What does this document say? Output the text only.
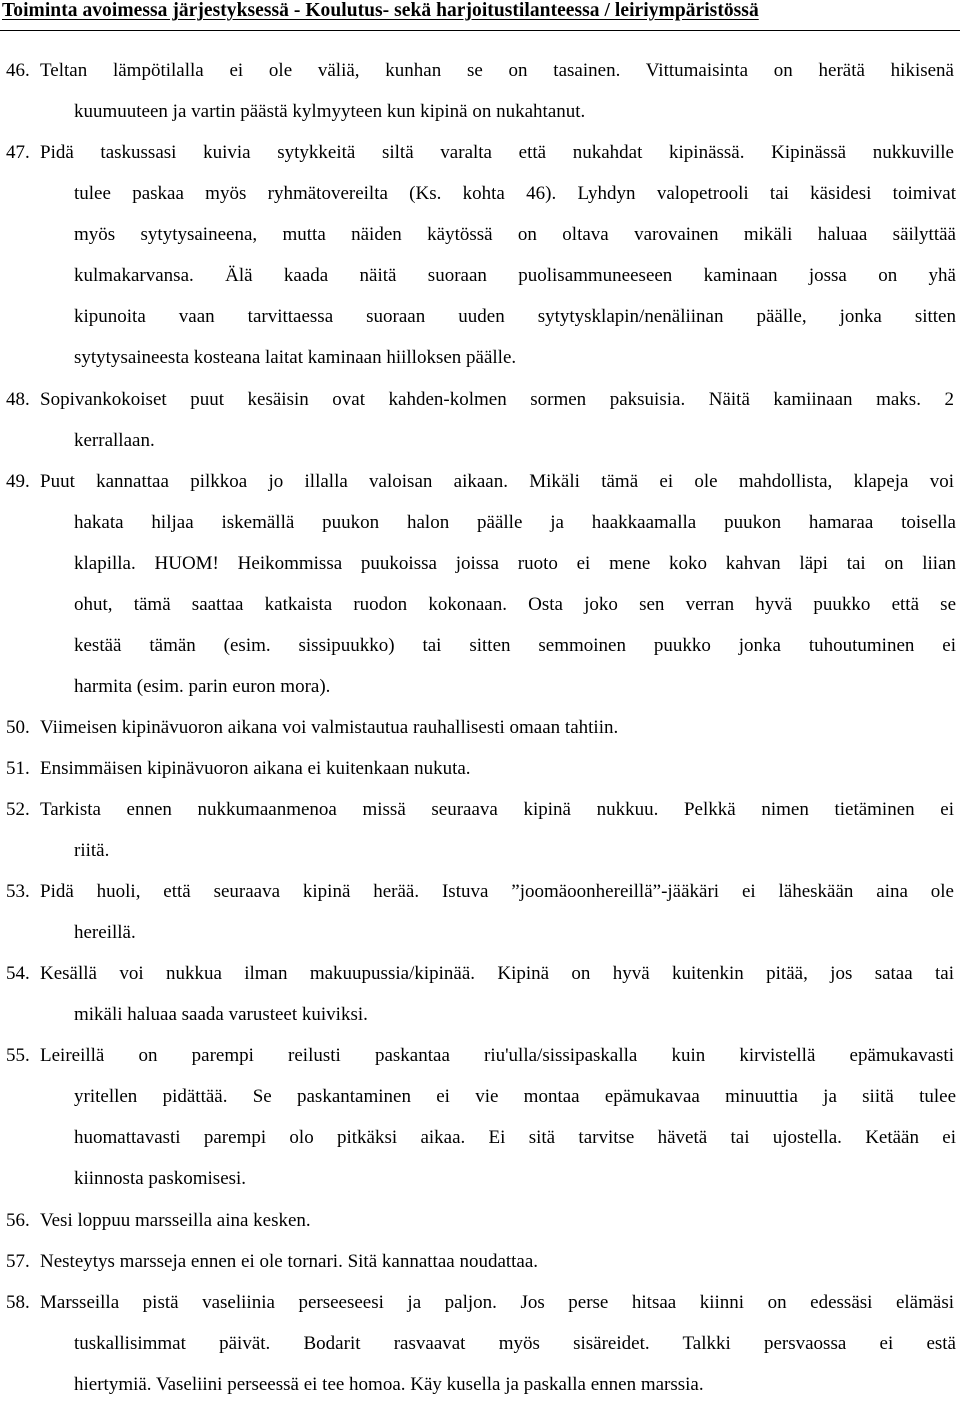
Toiminta avoimessa järjestyksessä - Koulutus- sekä harjoitustilanteessa / leiriympäristössä
46. Teltan lämpötilalla ei ole väliä, kunhan se on tasainen. Vittumaisinta on herätä hikisenä
kuumuuteen ja vartin päästä kylmyyteen kun kipinä on nukahtanut.
47. Pidä taskussasi kuivia sytykkeitä siltä varalta että nukahdat kipinässä. Kipinässä nukkuville
tulee paskaa myös ryhmätovereilta (Ks. kohta 46). Lyhdyn valopetrooli tai käsidesi toimivat
myös sytytysaineena, mutta näiden käytössä on oltava varovainen mikäli haluaa säilyttää
kulmakarvansa. Älä kaada näitä suoraan puolisammuneeseen kaminaan jossa on yhä
kipunoita vaan tarvittaessa suoraan uuden sytytysklapin/nenäliinan päälle, jonka sitten
sytytysaineesta kosteana laitat kaminaan hiilloksen päälle.
48. Sopivankokoiset puut kesäisin ovat kahden-kolmen sormen paksuisia. Näitä kamiinaan maks. 2
kerrallaan.
49. Puut kannattaa pilkkoa jo illalla valoisan aikaan. Mikäli tämä ei ole mahdollista, klapeja voi
hakata hiljaa iskemällä puukon halon päälle ja haakkaamalla puukon hamaraa toisella
klapilla. HUOM! Heikommissa puukoissa joissa ruoto ei mene koko kahvan läpi tai on liian
ohut, tämä saattaa katkaista ruodon kokonaan. Osta joko sen verran hyvä puukko että se
kestää tämän (esim. sissipuukko) tai sitten semmoinen puukko jonka tuhoutuminen ei
harmita (esim. parin euron mora).
50. Viimeisen kipinävuoron aikana voi valmistautua rauhallisesti omaan tahtiin.
51. Ensimmäisen kipinävuoron aikana ei kuitenkaan nukuta.
52. Tarkista ennen nukkumaanmenoa missä seuraava kipinä nukkuu. Pelkkä nimen tietäminen ei
riitä.
53. Pidä huoli, että seuraava kipinä herää. Istuva ”joomäoonhereillä”-jääkäri ei läheskään aina ole
hereillä.
54. Kesällä voi nukkua ilman makuupussia/kipinää. Kipinä on hyvä kuitenkin pitää, jos sataa tai
mikäli haluaa saada varusteet kuiviksi.
55. Leireillä on parempi reilusti paskantaa riu'ulla/sissipaskalla kuin kirvistellä epämukavasti
yritellen pidättää. Se paskantaminen ei vie montaa epämukavaa minuuttia ja siitä tulee
huomattavasti parempi olo pitkäksi aikaa. Ei sitä tarvitse hävetä tai ujostella. Ketään ei
kiinnosta paskomisesi.
56. Vesi loppuu marsseilla aina kesken.
57. Nesteytys marsseja ennen ei ole tornari. Sitä kannattaa noudattaa.
58. Marsseilla pistä vaseliinia perseeseesi ja paljon. Jos perse hitsaa kiinni on edessäsi elämäsi
tuskallisimmat päivät. Bodarit rasvaavat myös sisäreidet. Talkki persvaossa ei estä
hiertymiä. Vaseliini perseessä ei tee homoa. Käy kusella ja paskalla ennen marssia.
